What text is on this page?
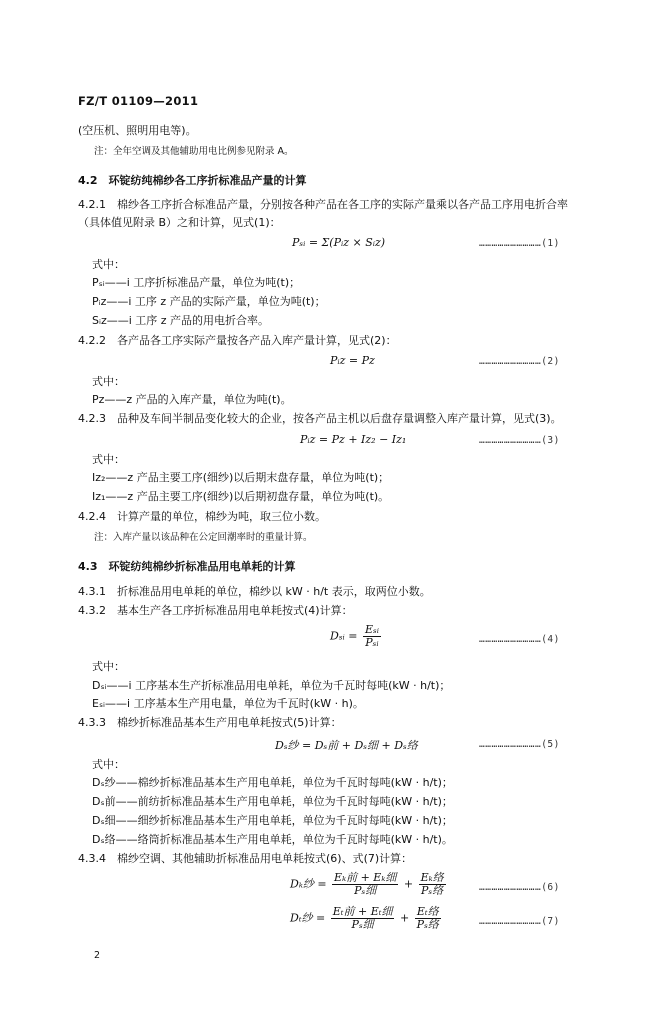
FZ/T 01109—2011
(空压机、照明用电等)。
注：全年空调及其他辅助用电比例参见附录 A。
4.2　环锭纺纯棉纱各工序折标准品产量的计算
4.2.1　棉纱各工序折合标准品产量，分别按各种产品在各工序的实际产量乘以各产品工序用电折合率
（具体值见附录 B）之和计算，见式(1)：
Pₛᵢ = Σ(Pᵢz × Sᵢz)	…………………………(1)
式中：
Pₛᵢ——i 工序折标准品产量，单位为吨(t)；
Pᵢz——i 工序 z 产品的实际产量，单位为吨(t)；
Sᵢz——i 工序 z 产品的用电折合率。
4.2.2　各产品各工序实际产量按各产品入库产量计算，见式(2)：
Pᵢz = Pz	…………………………(2)
式中：
Pz——z 产品的入库产量，单位为吨(t)。
4.2.3　品种及车间半制品变化较大的企业，按各产品主机以后盘存量调整入库产量计算，见式(3)。
Pᵢz = Pz + Iz₂ − Iz₁	…………………………(3)
式中：
Iz₂——z 产品主要工序(细纱)以后期末盘存量，单位为吨(t)；
Iz₁——z 产品主要工序(细纱)以后期初盘存量，单位为吨(t)。
4.2.4　计算产量的单位，棉纱为吨，取三位小数。
注：入库产量以该品种在公定回潮率时的重量计算。
4.3　环锭纺纯棉纱折标准品用电单耗的计算
4.3.1　折标准品用电单耗的单位，棉纱以 kW · h/t 表示，取两位小数。
4.3.2　基本生产各工序折标准品用电单耗按式(4)计算：
Dₛᵢ = $\frac{\text{Eₛᵢ}}{\text{Pₛᵢ}}$	…………………………(4)
式中：
Dₛᵢ——i 工序基本生产折标准品用电单耗，单位为千瓦时每吨(kW · h/t)；
Eₛᵢ——i 工序基本生产用电量，单位为千瓦时(kW · h)。
4.3.3　棉纱折标准品基本生产用电单耗按式(5)计算：
Dₛ纱 = Dₛ前 + Dₛ细 + Dₛ络	…………………………(5)
式中：
Dₛ纱——棉纱折标准品基本生产用电单耗，单位为千瓦时每吨(kW · h/t)；
Dₛ前——前纺折标准品基本生产用电单耗，单位为千瓦时每吨(kW · h/t)；
Dₛ细——细纱折标准品基本生产用电单耗，单位为千瓦时每吨(kW · h/t)；
Dₛ络——络筒折标准品基本生产用电单耗，单位为千瓦时每吨(kW · h/t)。
4.3.4　棉纱空调、其他辅助折标准品用电单耗按式(6)、式(7)计算：
Dₖ纱 = $\frac{\text{Eₖ前 + Eₖ细}}{\text{Pₛ细}} + \frac{\text{Eₖ络}}{\text{Pₛ络}}$	…………………………(6)
Dₜ纱 = $\frac{\text{Eₜ前 + Eₜ细}}{\text{Pₛ细}} + \frac{\text{Eₜ络}}{\text{Pₛ络}}$	…………………………(7)
2
